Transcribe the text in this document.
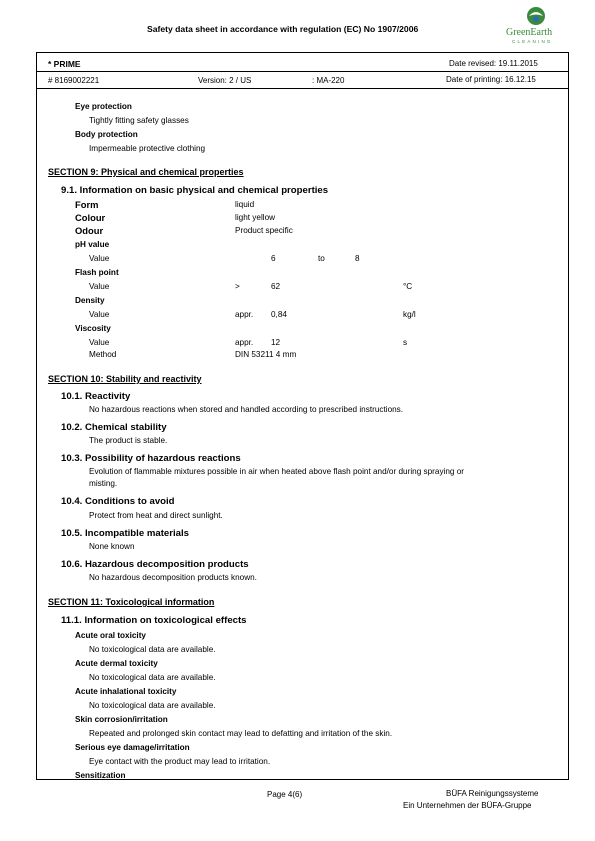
Safety data sheet in accordance with regulation (EC) No 1907/2006	GreenEarth
CLEANING
* PRIME	Date revised: 19.11.2015
# 8169002221	Version: 2 / US	: MA-220	Date of printing: 16.12.15
Eye protection
Tightly fitting safety glasses
Body protection
Impermeable protective clothing
SECTION 9: Physical and chemical properties
9.1. Information on basic physical and chemical properties
Form	liquid
Colour	light yellow
Odour	Product specific
pH value
Value	6	to	8
Flash point
Value	>	62	°C
Density
Value	appr. 0,84	kg/l
Viscosity
Value	appr. 12	s
Method	DIN 53211 4 mm
SECTION 10: Stability and reactivity
10.1. Reactivity
No hazardous reactions when stored and handled according to prescribed instructions.
10.2. Chemical stability
The product is stable.
10.3. Possibility of hazardous reactions
Evolution of flammable mixtures possible in air when heated above flash point and/or during spraying or
misting.
10.4. Conditions to avoid
Protect from heat and direct sunlight.
10.5. Incompatible materials
None known
10.6. Hazardous decomposition products
No hazardous decomposition products known.
SECTION 11: Toxicological information
11.1. Information on toxicological effects
Acute oral toxicity
No toxicological data are available.
Acute dermal toxicity
No toxicological data are available.
Acute inhalational toxicity
No toxicological data are available.
Skin corrosion/irritation
Repeated and prolonged skin contact may lead to defatting and irritation of the skin.
Serious eye damage/irritation
Eye contact with the product may lead to irritation.
Sensitization
Page 4(6)	BÜFA Reinigungssysteme
Ein Unternehmen der BÜFA-Gruppe
